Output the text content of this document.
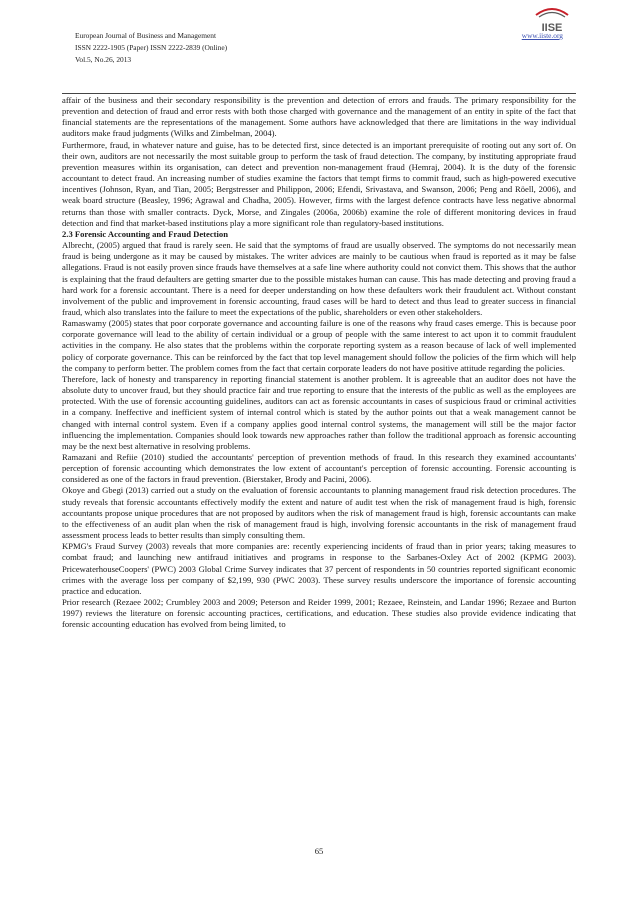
European Journal of Business and Management
ISSN 2222-1905 (Paper) ISSN 2222-2839 (Online)
Vol.5, No.26, 2013
www.iiste.org
IISE

affair of the business and their secondary responsibility is the prevention and detection of errors and frauds. The primary responsibility for the prevention and detection of fraud and error rests with both those charged with governance and the management of an entity in spite of the fact that financial statements are the representations of the management. Some authors have acknowledged that there are limitations in the way individual auditors make fraud judgments (Wilks and Zimbelman, 2004).

Furthermore, fraud, in whatever nature and guise, has to be detected first, since detected is an important prerequisite of rooting out any sort of. On their own, auditors are not necessarily the most suitable group to perform the task of fraud detection. The company, by instituting appropriate fraud prevention measures within its organisation, can detect and prevention non-management fraud (Hemraj, 2004). It is the duty of the forensic accountant to detect fraud. An increasing number of studies examine the factors that tempt firms to commit fraud, such as high-powered executive incentives (Johnson, Ryan, and Tian, 2005; Bergstresser and Philippon, 2006; Efendi, Srivastava, and Swanson, 2006; Peng and Röell, 2006), and weak board structure (Beasley, 1996; Agrawal and Chadha, 2005). However, firms with the largest defence contracts have less negative abnormal returns than those with smaller contracts. Dyck, Morse, and Zingales (2006a, 2006b) examine the role of different monitoring devices in fraud detection and find that market-based institutions play a more significant role than regulatory-based institutions.

2.3 Forensic Accounting and Fraud Detection

Albrecht, (2005) argued that fraud is rarely seen. He said that the symptoms of fraud are usually observed. The symptoms do not necessarily mean fraud is being undergone as it may be caused by mistakes. The writer advices are mainly to be cautious when fraud is reported as it may be false allegations. Fraud is not easily proven since frauds have themselves at a safe line where authority could not convict them. This shows that the author is explaining that the fraud defaulters are getting smarter due to the possible mistakes human can cause. This has made detecting and proving fraud a hard work for a forensic accountant. There is a need for deeper understanding on how these defaulters work their fraudulent act. Without constant involvement of the public and improvement in forensic accounting, fraud cases will be hard to detect and thus lead to greater success in financial fraud, which also translates into the failure to meet the expectations of the public, shareholders or even other stakeholders.

Ramaswamy (2005) states that poor corporate governance and accounting failure is one of the reasons why fraud cases emerge. This is because poor corporate governance will lead to the ability of certain individual or a group of people with the same interest to act upon it to commit fraudulent activities in the company. He also states that the problems within the corporate reporting system as a reason because of lack of well implemented policy of corporate governance. This can be reinforced by the fact that top level management should follow the policies of the firm which will help the company to perform better. The problem comes from the fact that certain corporate leaders do not have positive attitude regarding the policies.

Therefore, lack of honesty and transparency in reporting financial statement is another problem. It is agreeable that an auditor does not have the absolute duty to uncover fraud, but they should practice fair and true reporting to ensure that the interests of the public as well as the employees are protected. With the use of forensic accounting guidelines, auditors can act as forensic accountants in cases of suspicious fraud or criminal activities in a company. Ineffective and inefficient system of internal control which is stated by the author points out that a weak management cannot be changed with internal control system. Even if a company applies good internal control systems, the management will still be the major factor influencing the implementation. Companies should look towards new approaches rather than follow the traditional approach as forensic accounting may be the next best alternative in resolving problems.

Ramazani and Refiie (2010) studied the accountants' perception of prevention methods of fraud. In this research they examined accountants' perception of forensic accounting which demonstrates the low extent of accountant's perception of forensic accounting. Forensic accounting is considered as one of the factors in fraud prevention. (Bierstaker, Brody and Pacini, 2006).

Okoye and Gbegi (2013) carried out a study on the evaluation of forensic accountants to planning management fraud risk detection procedures. The study reveals that forensic accountants effectively modify the extent and nature of audit test when the risk of management fraud is high, forensic accountants propose unique procedures that are not proposed by auditors when the risk of management fraud is high, forensic accountants can make to the effectiveness of an audit plan when the risk of management fraud is high, involving forensic accountants in the risk of management fraud assessment process leads to better results than simply consulting them.

KPMG's Fraud Survey (2003) reveals that more companies are: recently experiencing incidents of fraud than in prior years; taking measures to combat fraud; and launching new antifraud initiatives and programs in response to the Sarbanes-Oxley Act of 2002 (KPMG 2003). PricewaterhouseCoopers' (PWC) 2003 Global Crime Survey indicates that 37 percent of respondents in 50 countries reported significant economic crimes with the average loss per company of $2,199, 930 (PWC 2003). These survey results underscore the importance of forensic accounting practice and education.

Prior research (Rezaee 2002; Crumbley 2003 and 2009; Peterson and Reider 1999, 2001; Rezaee, Reinstein, and Landar 1996; Rezaee and Burton 1997) reviews the literature on forensic accounting practices, certifications, and education. These studies also provide evidence indicating that forensic accounting education has evolved from being limited, to

65
